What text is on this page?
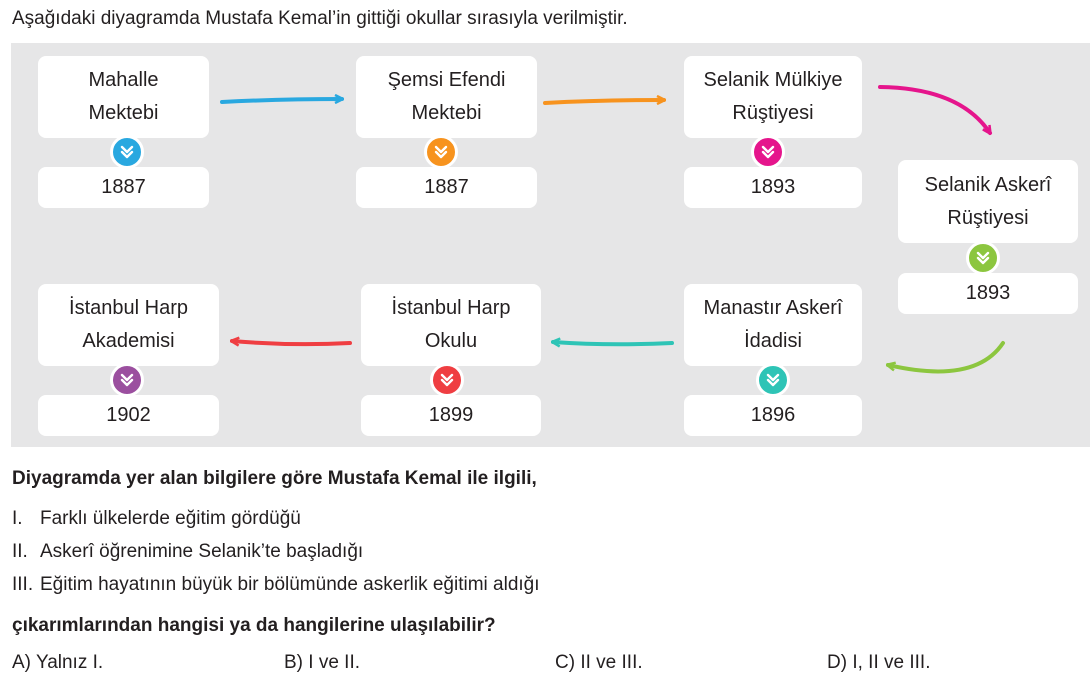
Aşağıdaki diyagramda Mustafa Kemal’in gittiği okullar sırasıyla verilmiştir.
Mahalle
Mektebi
1887
Şemsi Efendi
Mektebi
1887
Selanik Mülkiye
Rüştiyesi
1893	Selanik Askerî
Rüştiyesi
1893
Manastır Askerî
İdadisi
1896
İstanbul Harp
Okulu
1899
İstanbul Harp
Akademisi
1902
Diyagramda yer alan bilgilere göre Mustafa Kemal ile ilgili,
I. Farklı ülkelerde eğitim gördüğü
II. Askerî öğrenimine Selanik’te başladığı
III. Eğitim hayatının büyük bir bölümünde askerlik eğitimi aldığı
çıkarımlarından hangisi ya da hangilerine ulaşılabilir?
A) Yalnız I.	B) I ve II.	C) II ve III.	D) I, II ve III.
